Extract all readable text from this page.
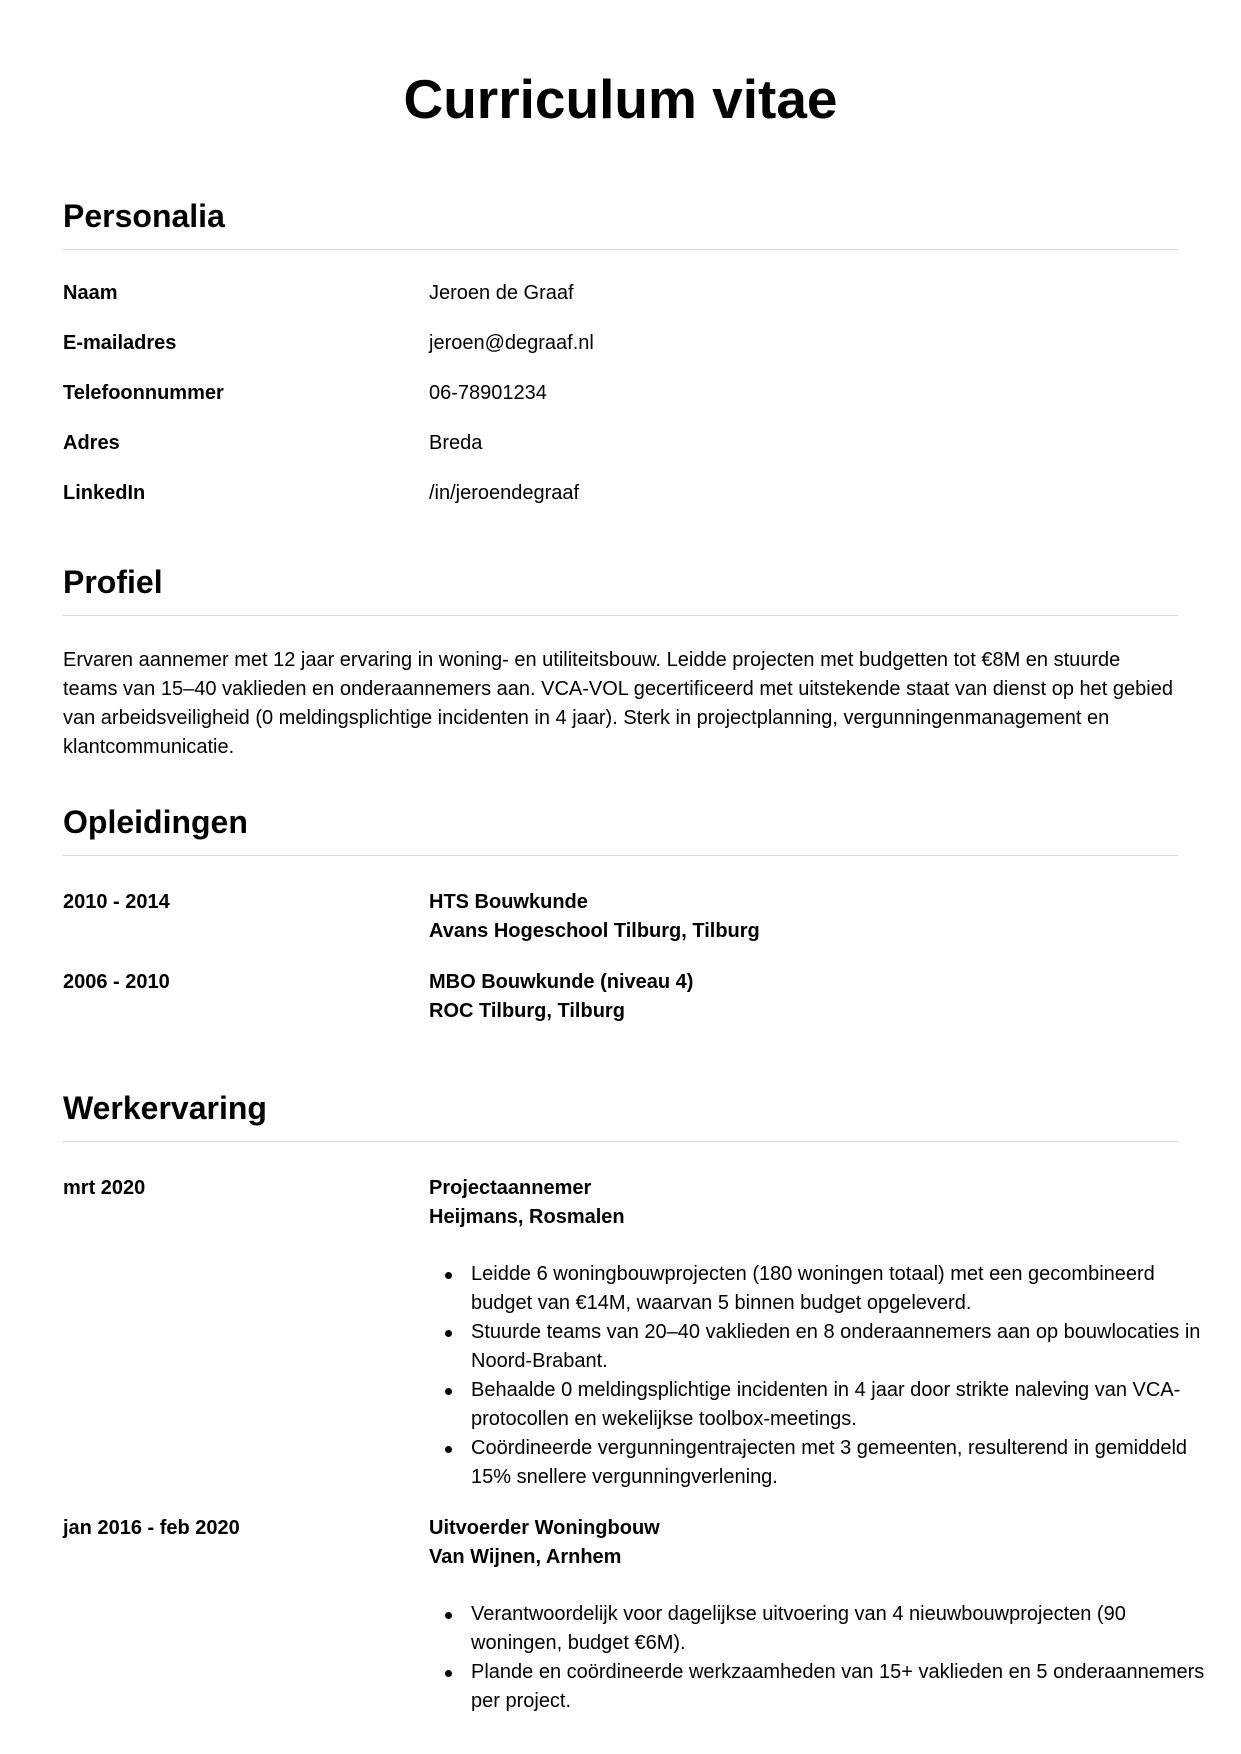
Curriculum vitae
Personalia
Naam	Jeroen de Graaf
E-mailadres	jeroen@degraaf.nl
Telefoonnummer	06-78901234
Adres	Breda
LinkedIn	/in/jeroendegraaf
Profiel

Ervaren aannemer met 12 jaar ervaring in woning- en utiliteitsbouw. Leidde projecten met budgetten tot €8M en stuurde teams van 15–40 vaklieden en onderaannemers aan. VCA-VOL gecertificeerd met uitstekende staat van dienst op het gebied van arbeidsveiligheid (0 meldingsplichtige incidenten in 4 jaar). Sterk in projectplanning, vergunningenmanagement en klantcommunicatie.

Opleidingen
2010 - 2014	HTS Bouwkunde
Avans Hogeschool Tilburg, Tilburg
2006 - 2010	MBO Bouwkunde (niveau 4)
ROC Tilburg, Tilburg
Werkervaring
mrt 2020	Projectaannemer
Heijmans, Rosmalen
Leidde 6 woningbouwprojecten (180 woningen totaal) met een gecombineerd budget van €14M, waarvan 5 binnen budget opgeleverd.
Stuurde teams van 20–40 vaklieden en 8 onderaannemers aan op bouwlocaties in Noord-Brabant.
Behaalde 0 meldingsplichtige incidenten in 4 jaar door strikte naleving van VCA-protocollen en wekelijkse toolbox-meetings.
Coördineerde vergunningentrajecten met 3 gemeenten, resulterend in gemiddeld 15% snellere vergunningverlening.
jan 2016 - feb 2020	Uitvoerder Woningbouw
Van Wijnen, Arnhem
Verantwoordelijk voor dagelijkse uitvoering van 4 nieuwbouwprojecten (90 woningen, budget €6M).
Plande en coördineerde werkzaamheden van 15+ vaklieden en 5 onderaannemers per project.
